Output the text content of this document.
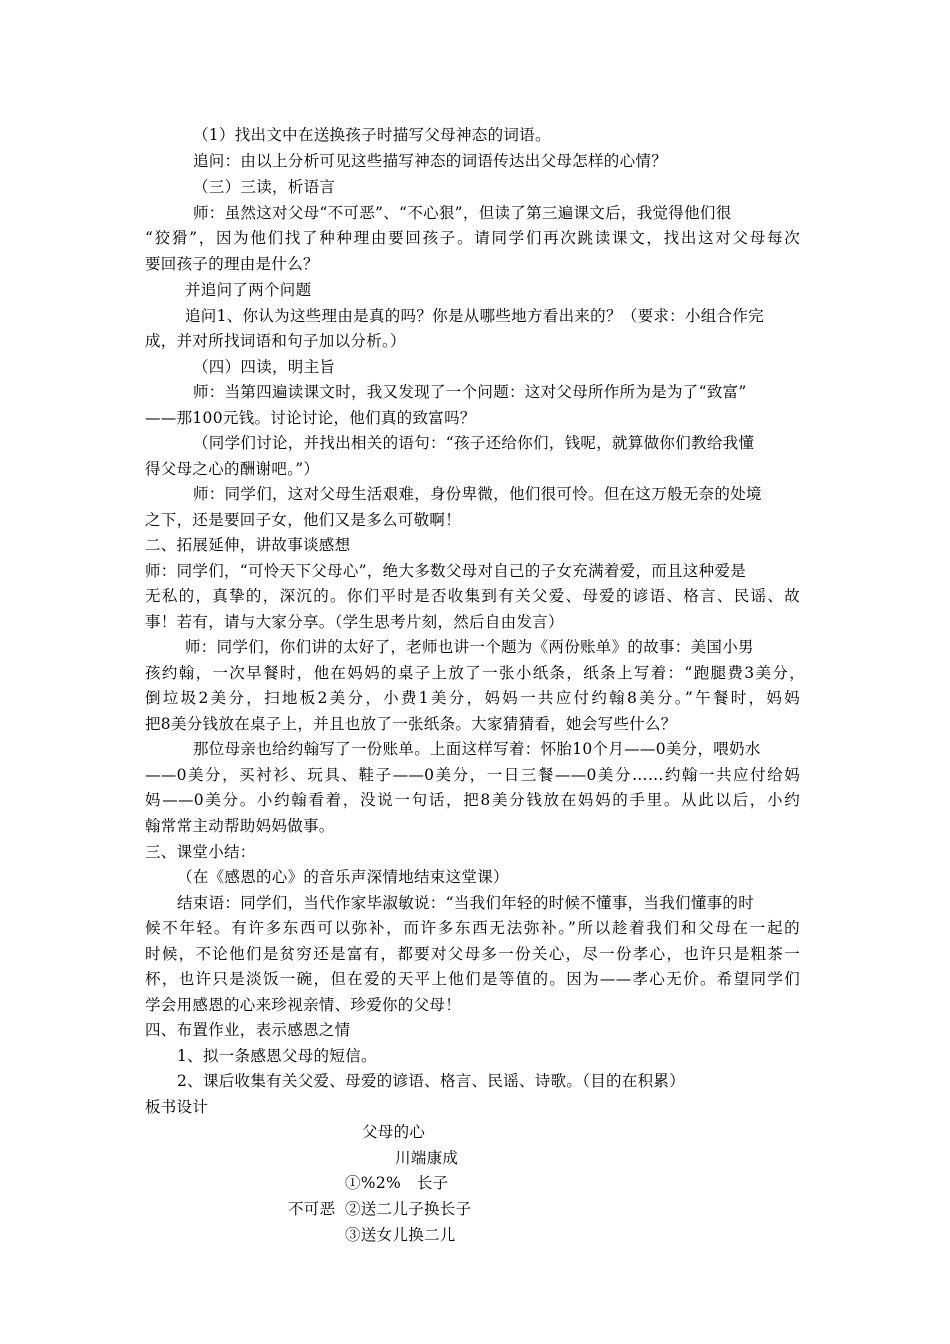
（1）找出文中在送换孩子时描写父母神态的词语。
追问：由以上分析可见这些描写神态的词语传达出父母怎样的心情？
（三）三读，析语言
师：虽然这对父母“不可恶”、“不心狠”，但读了第三遍课文后，我觉得他们很
“狡猾”，因为他们找了种种理由要回孩子。请同学们再次跳读课文，找出这对父母每次
要回孩子的理由是什么？
并追问了两个问题
追问1、你认为这些理由是真的吗？你是从哪些地方看出来的？（要求：小组合作完
成，并对所找词语和句子加以分析。）
（四）四读，明主旨
师：当第四遍读课文时，我又发现了一个问题：这对父母所作所为是为了“致富”
——那100元钱。讨论讨论，他们真的致富吗？
（同学们讨论，并找出相关的语句：“孩子还给你们，钱呢，就算做你们教给我懂
得父母之心的酬谢吧。”）
师：同学们，这对父母生活艰难，身份卑微，他们很可怜。但在这万般无奈的处境
之下，还是要回子女，他们又是多么可敬啊！
二、拓展延伸，讲故事谈感想
师：同学们，“可怜天下父母心”，绝大多数父母对自己的子女充满着爱，而且这种爱是
无私的，真挚的，深沉的。你们平时是否收集到有关父爱、母爱的谚语、格言、民谣、故
事！若有，请与大家分享。（学生思考片刻，然后自由发言）
师：同学们，你们讲的太好了，老师也讲一个题为《两份账单》的故事：美国小男
孩约翰，一次早餐时，他在妈妈的桌子上放了一张小纸条，纸条上写着：“跑腿费3美分，
倒垃圾2美分，扫地板2美分，小费1美分，妈妈一共应付约翰8美分。”午餐时，妈妈
把8美分钱放在桌子上，并且也放了一张纸条。大家猜猜看，她会写些什么？
那位母亲也给约翰写了一份账单。上面这样写着：怀胎10个月——0美分，喂奶水
——0美分，买衬衫、玩具、鞋子——0美分，一日三餐——0美分……约翰一共应付给妈
妈——0美分。小约翰看着，没说一句话，把8美分钱放在妈妈的手里。从此以后，小约
翰常常主动帮助妈妈做事。
三、课堂小结：
（在《感恩的心》的音乐声深情地结束这堂课）
结束语：同学们，当代作家毕淑敏说：“当我们年轻的时候不懂事，当我们懂事的时
候不年轻。有许多东西可以弥补，而许多东西无法弥补。”所以趁着我们和父母在一起的
时候，不论他们是贫穷还是富有，都要对父母多一份关心，尽一份孝心，也许只是粗茶一
杯，也许只是淡饭一碗，但在爱的天平上他们是等值的。因为——孝心无价。希望同学们
学会用感恩的心来珍视亲情、珍爱你的父母！
四、布置作业，表示感恩之情
1、拟一条感恩父母的短信。
2、课后收集有关父爱、母爱的谚语、格言、民谣、诗歌。（目的在积累）
板书设计
父母的心
川端康成
①%2%　长子
不可恶 ②送二儿子换长子
③送女儿换二儿
